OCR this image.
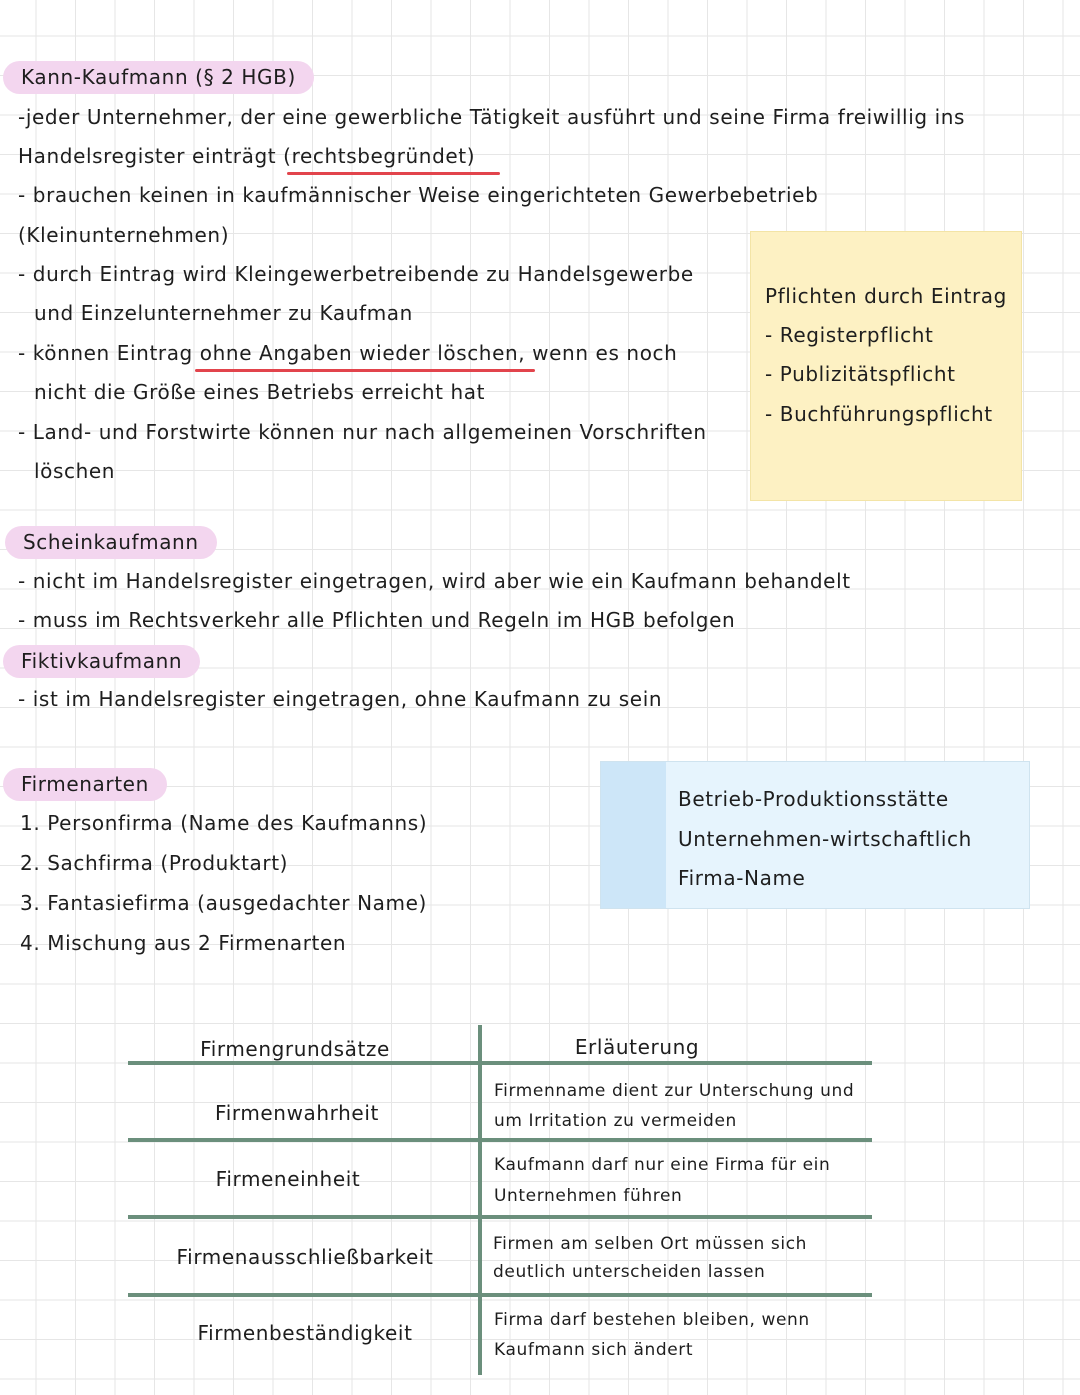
Kann-Kaufmann (§ 2 HGB)
-jeder Unternehmer, der eine gewerbliche Tätigkeit ausführt und seine Firma freiwillig ins
Handelsregister einträgt (rechtsbegründet)
- brauchen keinen in kaufmännischer Weise eingerichteten Gewerbebetrieb
(Kleinunternehmen)
- durch Eintrag wird Kleingewerbetreibende zu Handelsgewerbe
und Einzelunternehmer zu Kaufman
- können Eintrag ohne Angaben wieder löschen, wenn es noch
nicht die Größe eines Betriebs erreicht hat
- Land- und Forstwirte können nur nach allgemeinen Vorschriften
löschen
Pflichten durch Eintrag
- Registerpflicht
- Publizitätspflicht
- Buchführungspflicht
Scheinkaufmann
- nicht im Handelsregister eingetragen, wird aber wie ein Kaufmann behandelt
- muss im Rechtsverkehr alle Pflichten und Regeln im HGB befolgen
Fiktivkaufmann
- ist im Handelsregister eingetragen, ohne Kaufmann zu sein
Firmenarten
1. Personfirma (Name des Kaufmanns)
2. Sachfirma (Produktart)
3. Fantasiefirma (ausgedachter Name)
4. Mischung aus 2 Firmenarten
Betrieb-Produktionsstätte
Unternehmen-wirtschaftlich
Firma-Name
Firmengrundsätze	Erläuterung
Firmenwahrheit
Firmenname dient zur Unterschung und
um Irritation zu vermeiden
Firmeneinheit
Kaufmann darf nur eine Firma für ein
Unternehmen führen
Firmenausschließbarkeit
Firmen am selben Ort müssen sich
deutlich unterscheiden lassen
Firmenbeständigkeit
Firma darf bestehen bleiben, wenn
Kaufmann sich ändert
